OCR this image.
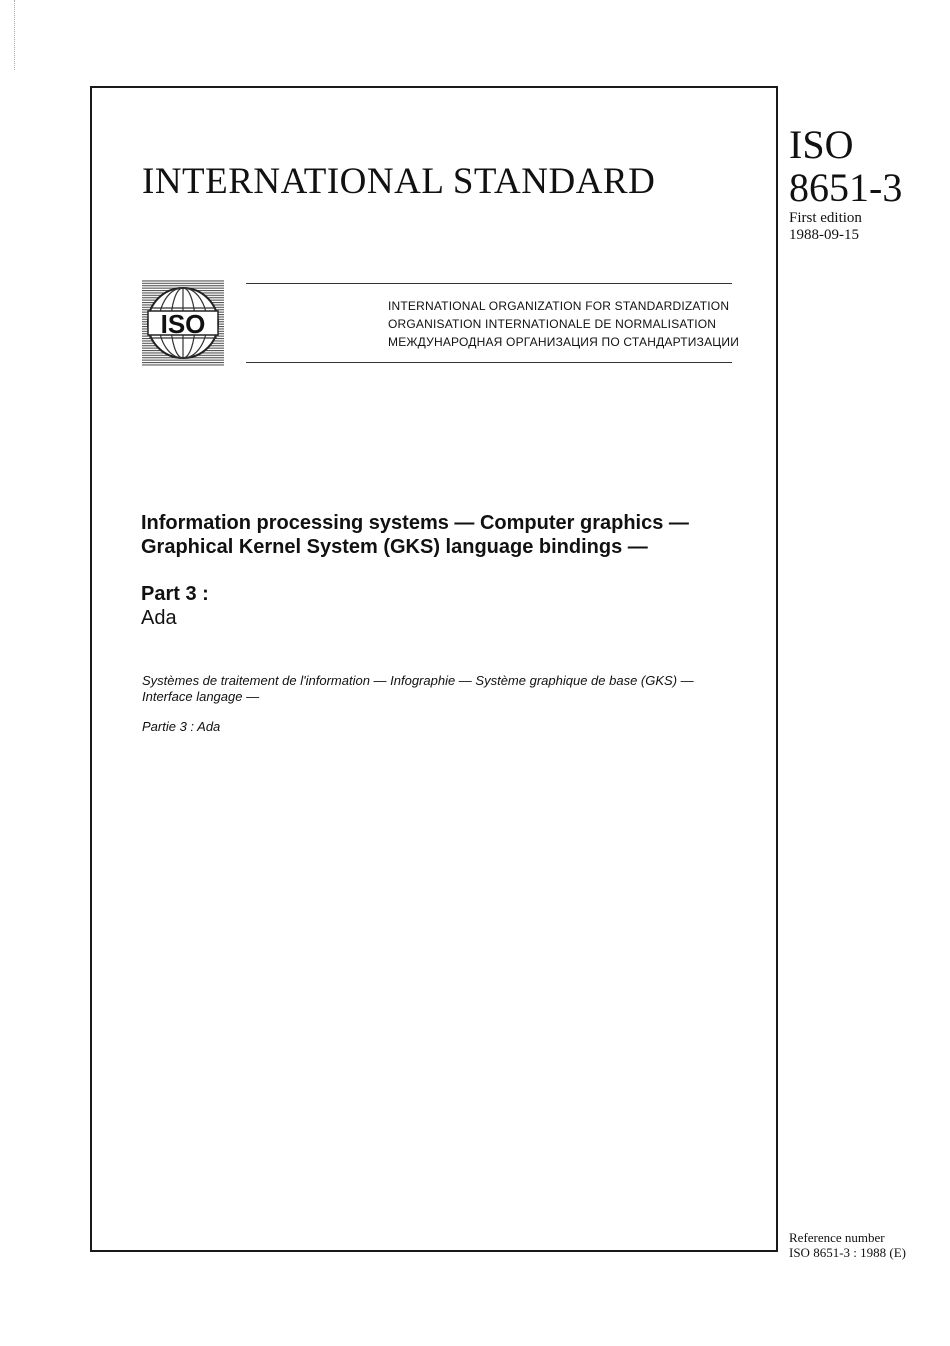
INTERNATIONAL STANDARD
ISO
8651-3
First edition
1988-09-15
ISO
INTERNATIONAL ORGANIZATION FOR STANDARDIZATION
ORGANISATION INTERNATIONALE DE NORMALISATION
МЕЖДУНАРОДНАЯ ОРГАНИЗАЦИЯ ПО СТАНДАРТИЗАЦИИ
Information processing systems — Computer graphics —
Graphical Kernel System (GKS) language bindings —
Part 3 :
Ada
Systèmes de traitement de l'information — Infographie — Système graphique de base (GKS) —
Interface langage —
Partie 3 : Ada
Reference number
ISO 8651-3 : 1988 (E)
